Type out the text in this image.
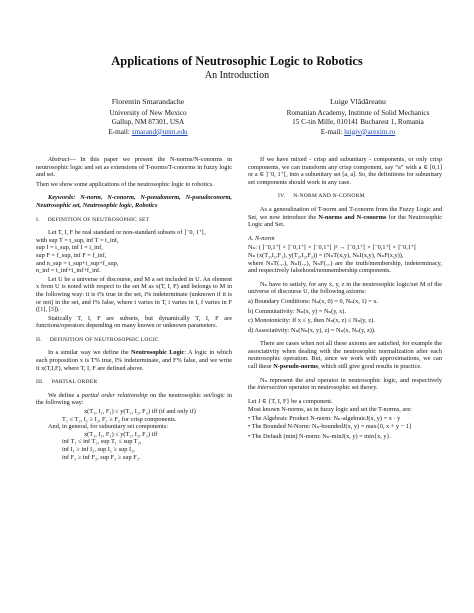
Applications of Neutrosophic Logic to Robotics
An Introduction
Florentin Smarandache
University of New Mexico
Gallup, NM 87301, USA
E-mail: smarand@unm.edu
Luige Vlădăreanu
Romanian Academy, Institute of Solid Mechanics
15 C-tin Mille, 010141 Bucharest 1, Romania
E-mail: luigiv@arexim.ro

Abstract— In this paper we present the N-norms/N-conorms in neutrosophic logic and set as extensions of T-norms/T-conorms in fuzzy logic and set.

Then we show some applications of the neutrosophic logic to robotics.

Keywords: N-norm, N-conorm, N-pseudonorm, N-pseudoconorm, Neutrosophic set, Neutrosophic logic, Robotics

I. DEFINITION OF NEUTROSOPHIC SET

Let T, I, F be real standard or non-standard subsets of ]⁻0, 1⁺[,

with sup T = t_sup, inf T = t_inf,
sup I = i_sup, inf I = i_inf,
sup F = f_sup, inf F = f_inf,
and n_sup = t_sup+i_sup+f_sup,
n_inf = t_inf+i_inf+f_inf.

Let U be a universe of discourse, and M a set included in U. An element x from U is noted with respect to the set M as x(T, I, F) and belongs to M in the following way: it is t% true in the set, i% indeterminate (unknown if it is or not) in the set, and f% false, where t varies in T, i varies in I, f varies in F ([1], [3]).

Statically T, I, F are subsets, but dynamically T, I, F are functions/operators depending on many known or unknown parameters.

II. DEFINITION OF NEUTROSOPHIC LOGIC

In a similar way we define the Neutrosophic Logic: A logic in which each proposition x is T% true, I% indeterminate, and F% false, and we write it x(T,I,F), where T, I, F are defined above.

III. PARTIAL ORDER

We define a partial order relationship on the neutrosophic set/logic in the following way:

x(T₁, I₁, F₁) ≤ y(T₂, I₂, F₂) iff (if and only if)
T₁ ≤ T₂, I₁ ≥ I₂, F₁ ≥ F₂ for crisp components.

And, in general, for subunitary set components:

x(T₁, I₁, F₁) ≤ y(T₂, I₂, F₂) iff
inf T₁ ≤ inf T₂, sup T₁ ≤ sup T₂,
inf I₁ ≥ inf I₂, sup I₁ ≥ sup I₂,
inf F₁ ≥ inf F₂, sup F₁ ≥ sup F₂.

If we have mixed - crisp and subunitary - components, or only crisp components, we can transform any crisp component, say “a” with a ∈ [0,1] or a ∈ ]⁻0, 1⁺[, into a subunitary set [a, a]. So, the definitions for subunitary set components should work in any case.

IV. N-NORM AND N-CONORM

As a generalization of T-norm and T-conorm from the Fuzzy Logic and Set, we now introduce the N-norms and N-conorms for the Neutrosophic Logic and Set.

A. N-norm

Nₙ: ( ]⁻0,1⁺[ × ]⁻0,1⁺[ × ]⁻0,1⁺[ )² → ]⁻0,1⁺[ × ]⁻0,1⁺[ × ]⁻0,1⁺[
Nₙ (x(T₁,I₁,F₁), y(T₂,I₂,F₂)) = (NₙT(x,y), NₙI(x,y), NₙF(x,y)),
where NₙT(.,.), NₙI(.,.), NₙF(.,.) are the truth/membership, indeterminacy, and respectively falsehood/nonmembership components.

Nₙ have to satisfy, for any x, y, z in the neutrosophic logic/set M of the universe of discourse U, the following axioms:

a) Boundary Conditions: Nₙ(x, 0) = 0, Nₙ(x, 1) = x.
b) Commutativity: Nₙ(x, y) = Nₙ(y, x).
c) Monotonicity: If x ≤ y, then Nₙ(x, z) ≤ Nₙ(y, z).
d) Associativity: Nₙ(Nₙ(x, y), z) = Nₙ(x, Nₙ(y, z)).

There are cases when not all these axioms are satisfied, for example the associativity when dealing with the neutrosophic normalization after each neutrosophic operation. But, since we work with approximations, we can call these N-pseudo-norms, which still give good results in practice.

Nₙ represent the and operator in neutrosophic logic, and respectively the intersection operator in neutrosophic set theory.

Let J ∈ {T, I, F} be a component.

Most known N-norms, as in fuzzy logic and set the T-norms, are:

• The Algebraic Product N-norm: Nₙ-algebraicJ(x, y) = x · y
• The Bounded N-Norm: Nₙ-boundedJ(x, y) = max{0, x + y − 1}
• The Default (min) N-norm: Nₙ-minJ(x, y) = min{x, y}.
